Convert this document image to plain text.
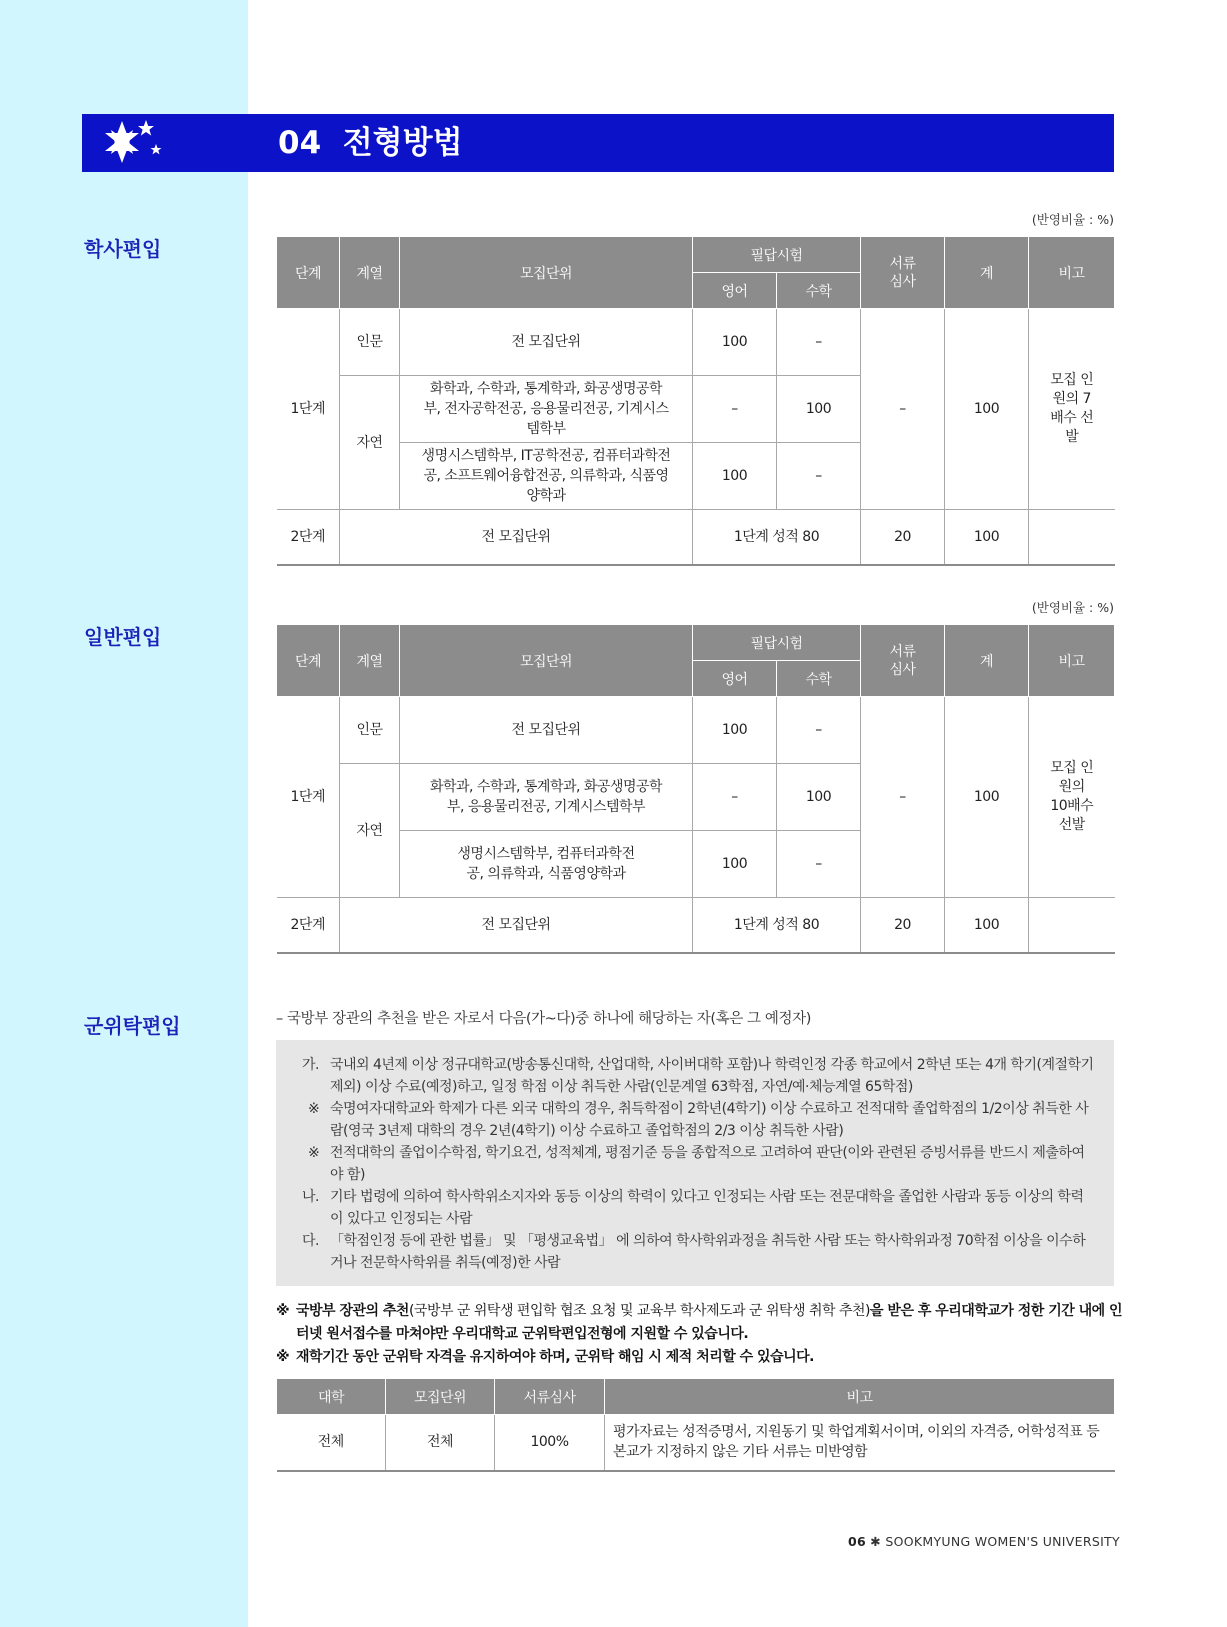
04 전형방법
학사편입
(반영비율 : %)
단계	계열	모집단위	필답시험		서류심사	계	비고
			영어	수학			
1단계	인문	전 모집단위	100	–	–	100	모집 인원의 7배수 선발
	자연	화학과, 수학과, 통계학과, 화공생명공학부, 전자공학전공, 응용물리전공, 기계시스템학부	–	100			
		생명시스템학부, IT공학전공, 컴퓨터과학전공, 소프트웨어융합전공, 의류학과, 식품영양학과	100	–			
2단계	전 모집단위		1단계 성적 80		20	100	
일반편입
(반영비율 : %)
단계	계열	모집단위	필답시험		서류심사	계	비고
			영어	수학			
1단계	인문	전 모집단위	100	–	–	100	모집 인원의 10배수 선발
	자연	화학과, 수학과, 통계학과, 화공생명공학부, 응용물리전공, 기계시스템학부	–	100			
		생명시스템학부, 컴퓨터과학전공, 의류학과, 식품영양학과	100	–			
2단계	전 모집단위		1단계 성적 80		20	100	
군위탁편입	– 국방부 장관의 추천을 받은 자로서 다음(가~다)중 하나에 해당하는 자(혹은 그 예정자)
가. 국내외 4년제 이상 정규대학교(방송통신대학, 산업대학, 사이버대학 포함)나 학력인정 각종 학교에서 2학년 또는 4개 학기(계절학기 제외) 이상 수료(예정)하고, 일정 학점 이상 취득한 사람(인문계열 63학점, 자연/예·체능계열 65학점)
※ 숙명여자대학교와 학제가 다른 외국 대학의 경우, 취득학점이 2학년(4학기) 이상 수료하고 전적대학 졸업학점의 1/2이상 취득한 사람(영국 3년제 대학의 경우 2년(4학기) 이상 수료하고 졸업학점의 2/3 이상 취득한 사람)
※ 전적대학의 졸업이수학점, 학기요건, 성적체계, 평점기준 등을 종합적으로 고려하여 판단(이와 관련된 증빙서류를 반드시 제출하여야 함)
나. 기타 법령에 의하여 학사학위소지자와 동등 이상의 학력이 있다고 인정되는 사람 또는 전문대학을 졸업한 사람과 동등 이상의 학력이 있다고 인정되는 사람
다. 「학점인정 등에 관한 법률」 및 「평생교육법」 에 의하여 학사학위과정을 취득한 사람 또는 학사학위과정 70학점 이상을 이수하거나 전문학사학위를 취득(예정)한 사람
※ 국방부 장관의 추천(국방부 군 위탁생 편입학 협조 요청 및 교육부 학사제도과 군 위탁생 취학 추천)을 받은 후 우리대학교가 정한 기간 내에 인터넷 원서접수를 마쳐야만 우리대학교 군위탁편입전형에 지원할 수 있습니다.
※ 재학기간 동안 군위탁 자격을 유지하여야 하며, 군위탁 해임 시 제적 처리할 수 있습니다.
대학	모집단위	서류심사	비고
전체	전체	100%	평가자료는 성적증명서, 지원동기 및 학업계획서이며, 이외의 자격증, 어학성적표 등 본교가 지정하지 않은 기타 서류는 미반영함
06 ✱ SOOKMYUNG WOMEN'S UNIVERSITY
